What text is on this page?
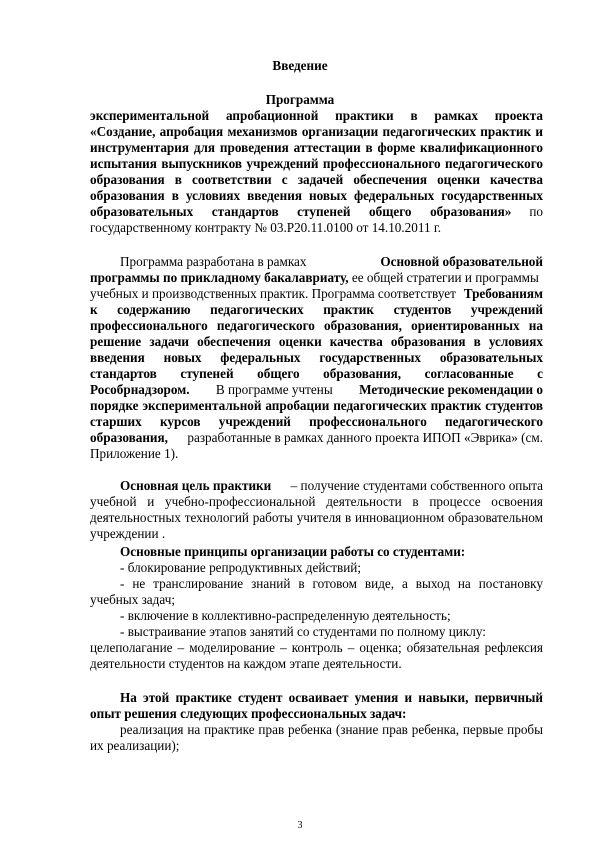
Введение
Программа
экспериментальной апробационной практики в рамках проекта
«Создание, апробация механизмов организации педагогических практик и
инструментария для проведения аттестации в форме квалификационного
испытания выпускников учреждений профессионального педагогического
образования в соответствии с задачей обеспечения оценки качества
образования в условиях введения новых федеральных государственных
образовательных стандартов ступеней общего образования» по
государственному контракту № 03.P20.11.0100 от 14.10.2011 г.
Программа разработана в рамках	Основной образовательной
программы по прикладному бакалавриату, ее общей стратегии и программы
учебных и производственных практик. Программа соответствует Требованиям
к содержанию педагогических практик студентов учреждений
профессионального педагогического образования, ориентированных на
решение задачи обеспечения оценки качества образования в условиях
введения новых федеральных государственных образовательных
стандартов ступеней общего образования, согласованные с
Рособрнадзором. В программе учтены Методические рекомендации о
порядке экспериментальной апробации педагогических практик студентов
старших курсов учреждений профессионального педагогического
образования, разработанные в рамках данного проекта ИПОП «Эврика» (см.
Приложение 1).
Основная цель практики – получение студентами собственного опыта
учебной и учебно-профессиональной деятельности в процессе освоения
деятельностных технологий работы учителя в инновационном образовательном
учреждении .
Основные принципы организации работы со студентами:
- блокирование репродуктивных действий;
- не транслирование знаний в готовом виде, а выход на постановку
учебных задач;
- включение в коллективно-распределенную деятельность;
- выстраивание этапов занятий со студентами по полному циклу:
целеполагание – моделирование – контроль – оценка; обязательная рефлексия
деятельности студентов на каждом этапе деятельности.
На этой практике студент осваивает умения и навыки, первичный
опыт решения следующих профессиональных задач:
реализация на практике прав ребенка (знание прав ребенка, первые пробы
их реализации);
3
